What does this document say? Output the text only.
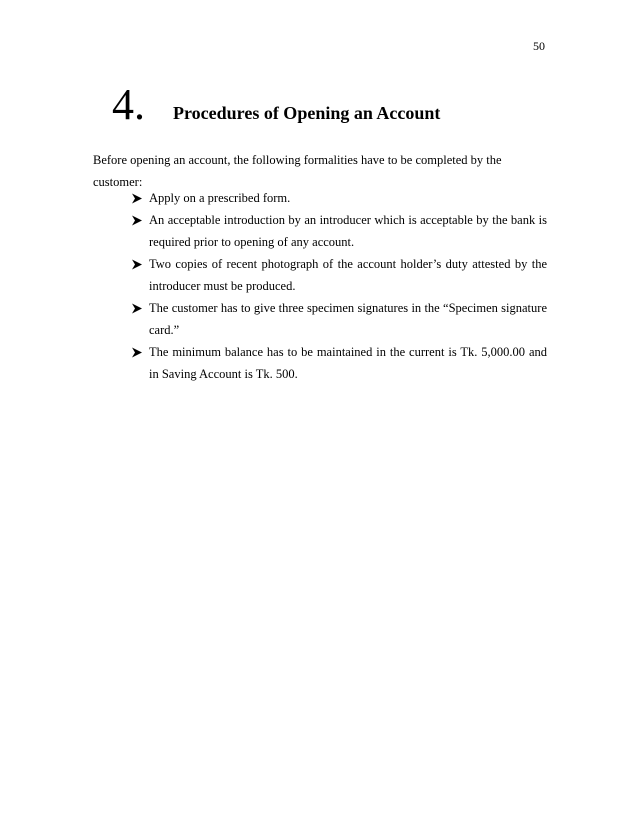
50
4. Procedures of Opening an Account

Before opening an account, the following formalities have to be completed by the customer:

Apply on a prescribed form.
An acceptable introduction by an introducer which is acceptable by the bank is required prior to opening of any account.
Two copies of recent photograph of the account holder’s duty attested by the introducer must be produced.
The customer has to give three specimen signatures in the “Specimen signature card.”
The minimum balance has to be maintained in the current is Tk. 5,000.00 and in Saving Account is Tk. 500.
